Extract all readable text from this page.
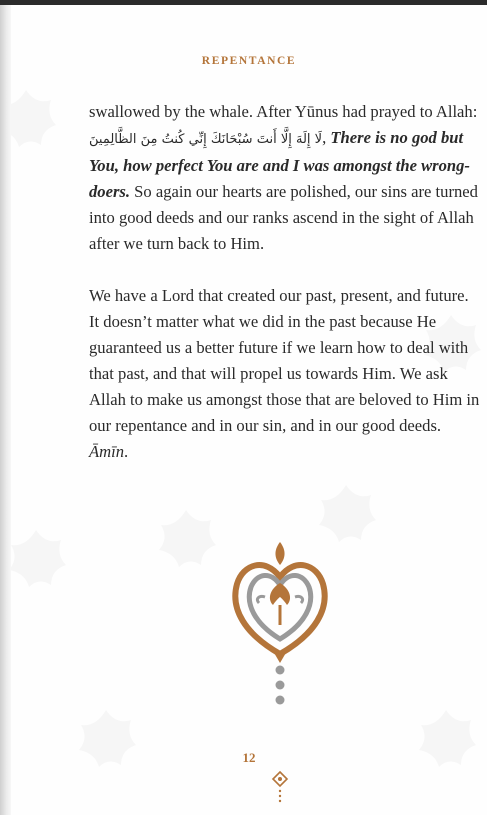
REPENTANCE

swallowed by the whale. After Yūnus had prayed to Allah: لَا إِلَهَ إِلَّا أَنتَ سُبْحَانَكَ إِنِّي كُنتُ مِنَ الظَّالِمِينَ, There is no god but You, how perfect You are and I was amongst the wrong-doers. So again our hearts are polished, our sins are turned into good deeds and our ranks ascend in the sight of Allah after we turn back to Him.

We have a Lord that created our past, present, and future. It doesn’t matter what we did in the past because He guaranteed us a better future if we learn how to deal with that past, and that will propel us towards Him. We ask Allah to make us amongst those that are beloved to Him in our repentance and in our sin, and in our good deeds. Āmīn.

12
